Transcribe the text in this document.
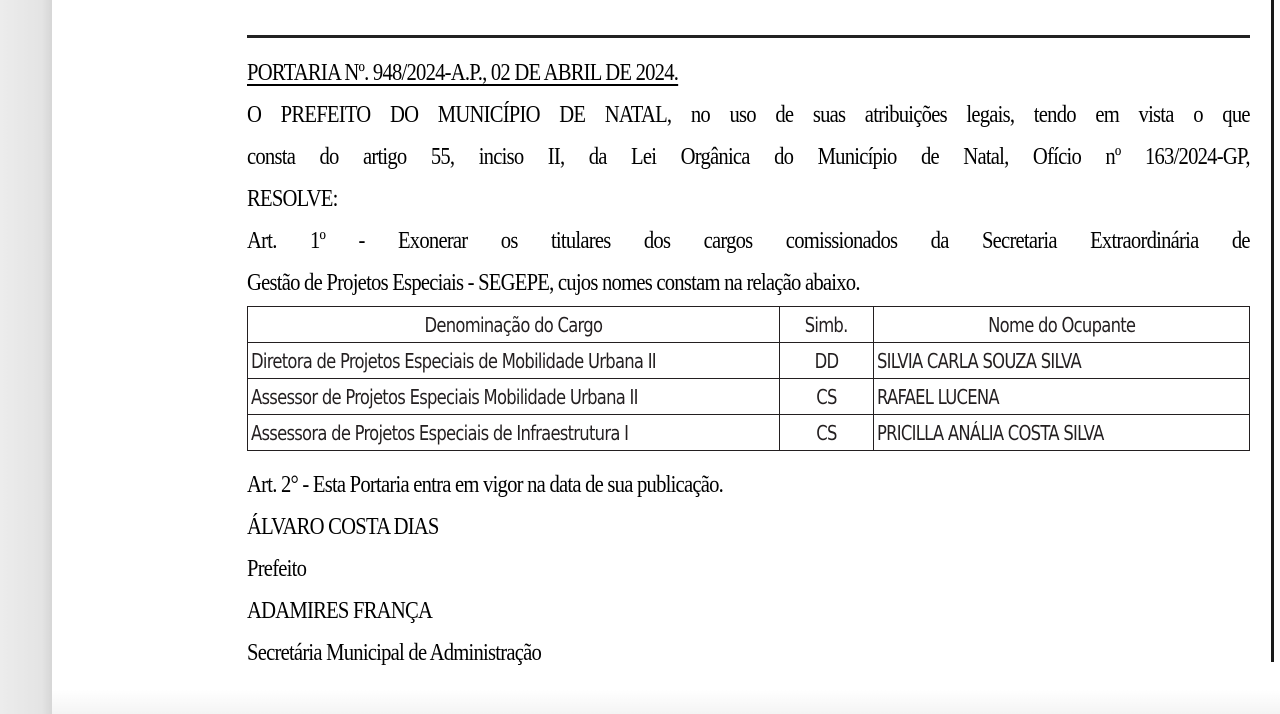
PORTARIA Nº. 948/2024-A.P., 02 DE ABRIL DE 2024.
O PREFEITO DO MUNICÍPIO DE NATAL, no uso de suas atribuições legais, tendo em vista o que
consta do artigo 55, inciso II, da Lei Orgânica do Município de Natal, Ofício nº 163/2024-GP,
RESOLVE:
Art. 1º - Exonerar os titulares dos cargos comissionados da Secretaria Extraordinária de
Gestão de Projetos Especiais - SEGEPE, cujos nomes constam na relação abaixo.
Denominação do Cargo	Simb.	Nome do Ocupante
Diretora de Projetos Especiais de Mobilidade Urbana II	DD	SILVIA CARLA SOUZA SILVA
Assessor de Projetos Especiais Mobilidade Urbana II	CS	RAFAEL LUCENA
Assessora de Projetos Especiais de Infraestrutura I	CS	PRICILLA ANÁLIA COSTA SILVA
Art. 2° - Esta Portaria entra em vigor na data de sua publicação.
ÁLVARO COSTA DIAS
Prefeito
ADAMIRES FRANÇA
Secretária Municipal de Administração
